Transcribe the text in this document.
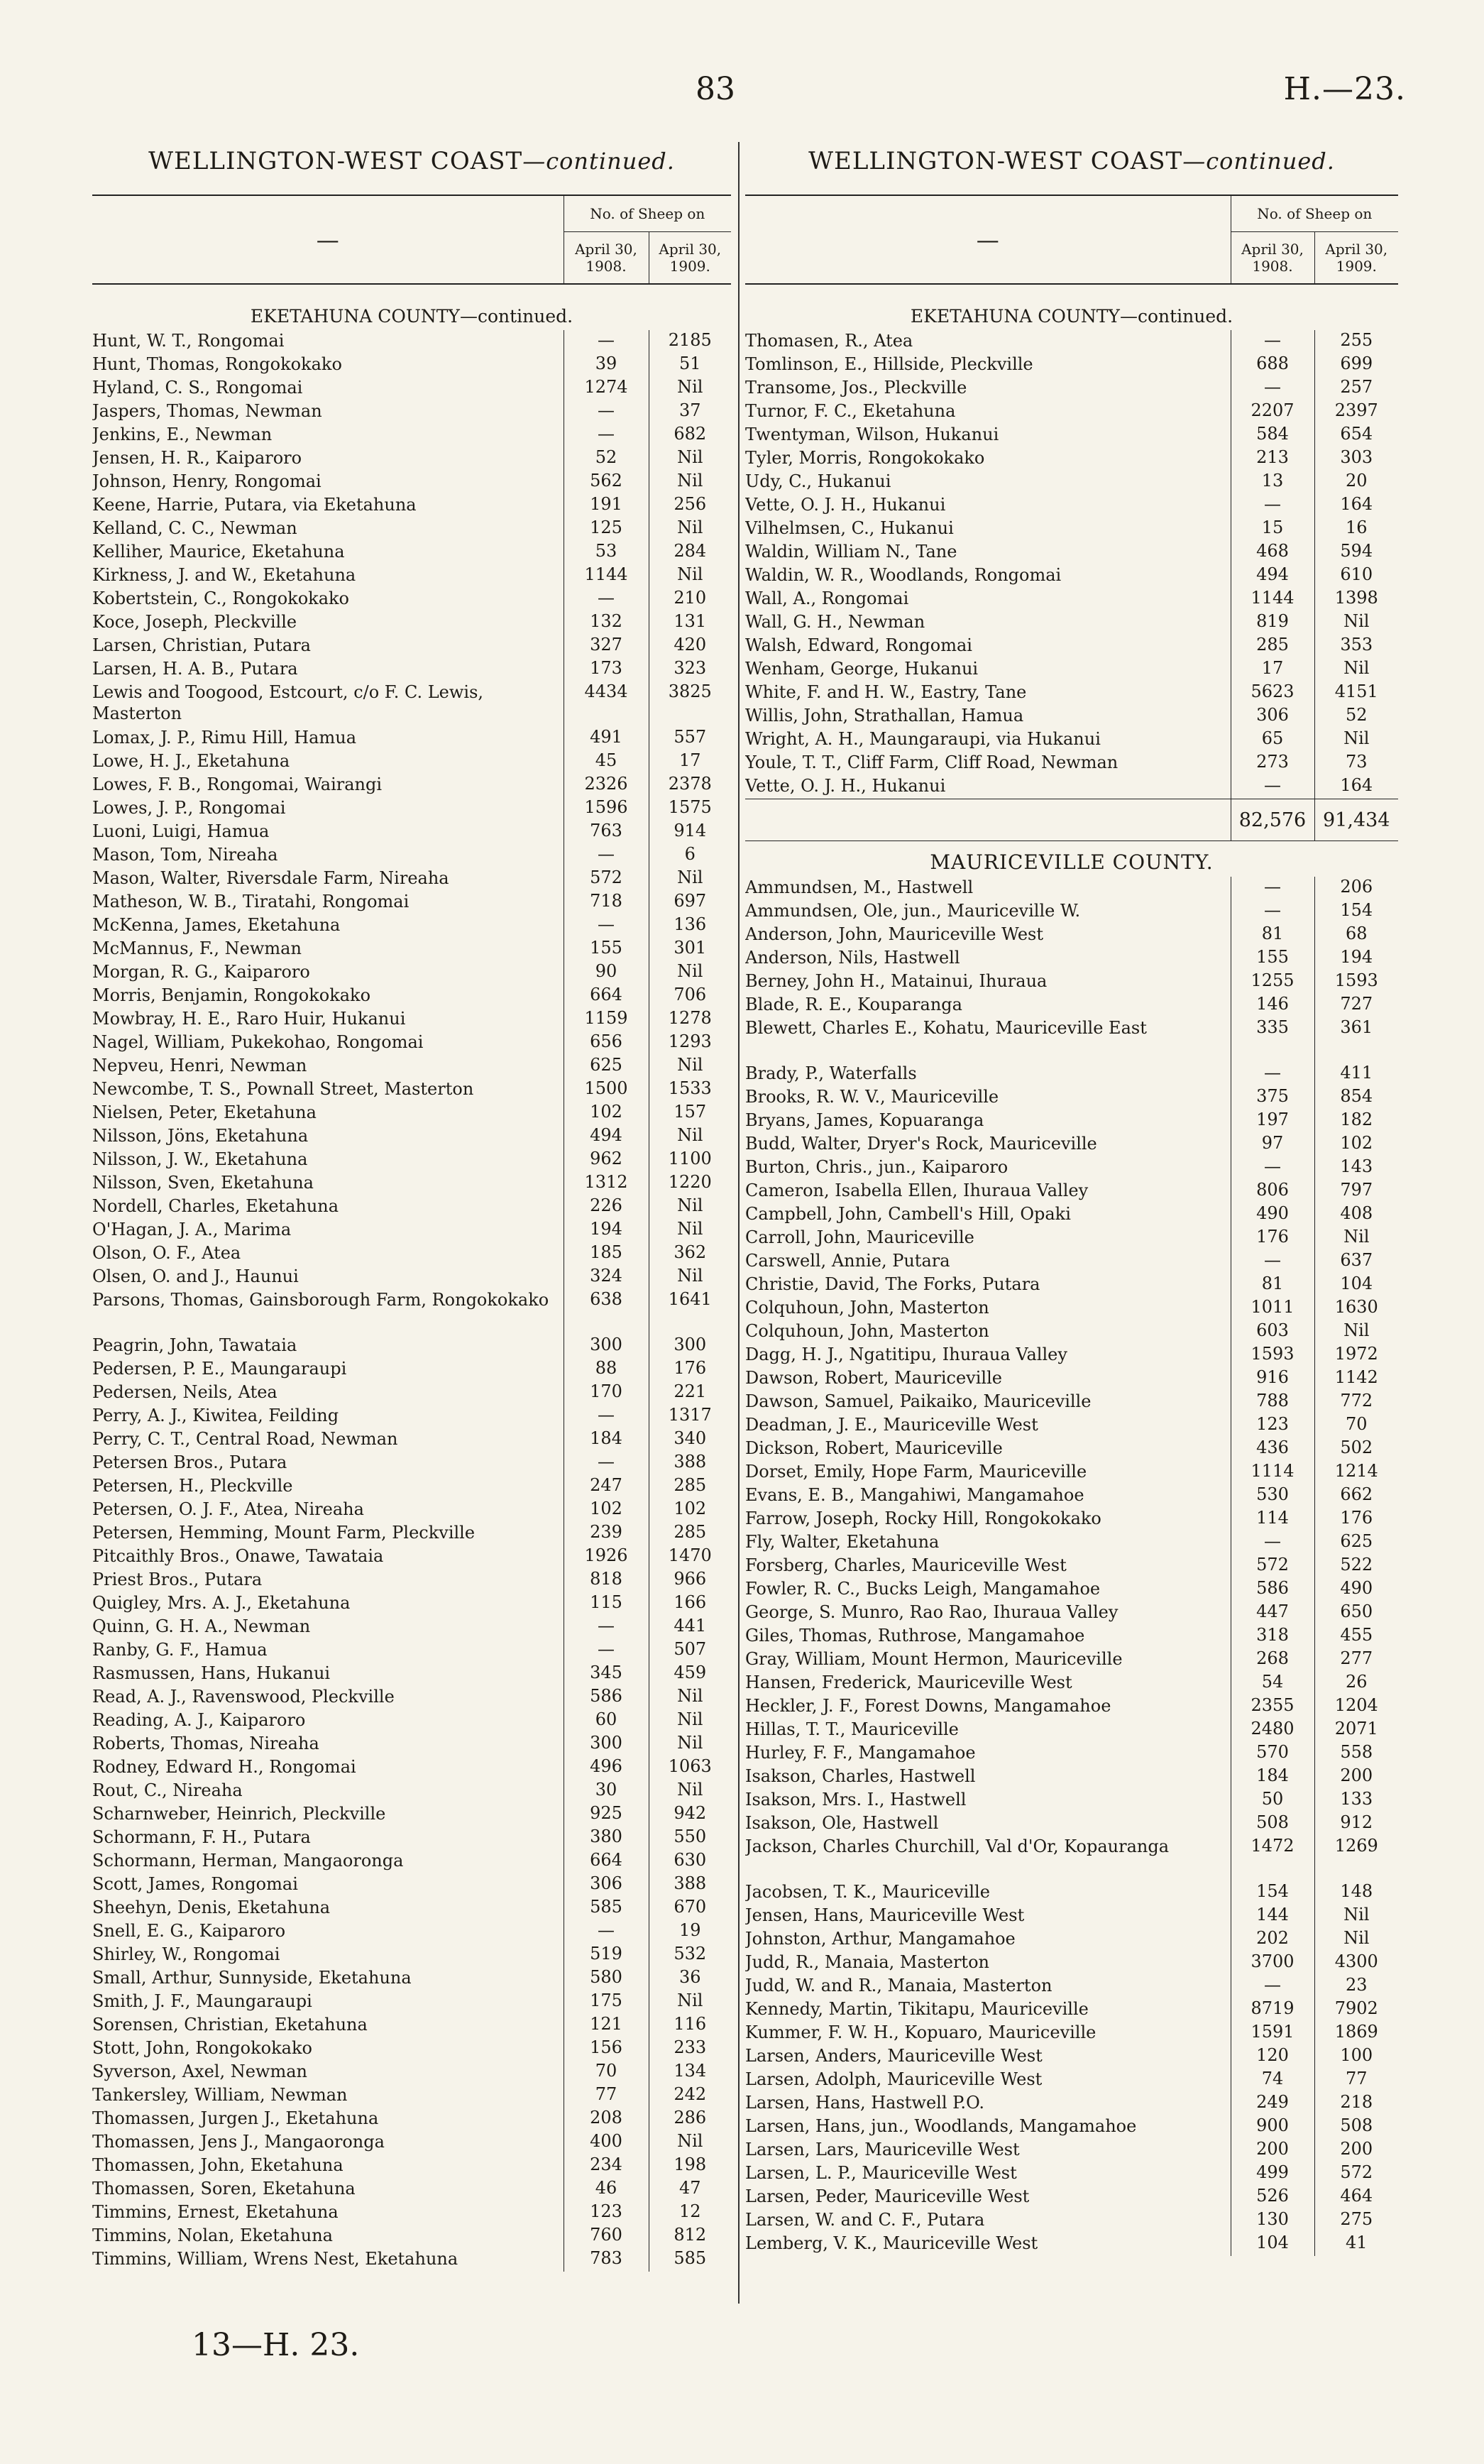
83	H.—23.
WELLINGTON-WEST COAST—continued.
—	No. of Sheep on	
	April 30, 1908.	April 30, 1909.
EKETAHUNA COUNTY—continued.
Hunt, W. T., Rongomai	—	2185
Hunt, Thomas, Rongokokako	39	51
Hyland, C. S., Rongomai	1274	Nil
Jaspers, Thomas, Newman	—	37
Jenkins, E., Newman	—	682
Jensen, H. R., Kaiparoro	52	Nil
Johnson, Henry, Rongomai	562	Nil
Keene, Harrie, Putara, via Eketahuna	191	256
Kelland, C. C., Newman	125	Nil
Kelliher, Maurice, Eketahuna	53	284
Kirkness, J. and W., Eketahuna	1144	Nil
Kobertstein, C., Rongokokako	—	210
Koce, Joseph, Pleckville	132	131
Larsen, Christian, Putara	327	420
Larsen, H. A. B., Putara	173	323
Lewis and Toogood, Estcourt, c/o F. C. Lewis, Masterton	4434	3825
Lomax, J. P., Rimu Hill, Hamua	491	557
Lowe, H. J., Eketahuna	45	17
Lowes, F. B., Rongomai, Wairangi	2326	2378
Lowes, J. P., Rongomai	1596	1575
Luoni, Luigi, Hamua	763	914
Mason, Tom, Nireaha	—	6
Mason, Walter, Riversdale Farm, Nireaha	572	Nil
Matheson, W. B., Tiratahi, Rongomai	718	697
McKenna, James, Eketahuna	—	136
McMannus, F., Newman	155	301
Morgan, R. G., Kaiparoro	90	Nil
Morris, Benjamin, Rongokokako	664	706
Mowbray, H. E., Raro Huir, Hukanui	1159	1278
Nagel, William, Pukekohao, Rongomai	656	1293
Nepveu, Henri, Newman	625	Nil
Newcombe, T. S., Pownall Street, Masterton	1500	1533
Nielsen, Peter, Eketahuna	102	157
Nilsson, Jöns, Eketahuna	494	Nil
Nilsson, J. W., Eketahuna	962	1100
Nilsson, Sven, Eketahuna	1312	1220
Nordell, Charles, Eketahuna	226	Nil
O'Hagan, J. A., Marima	194	Nil
Olson, O. F., Atea	185	362
Olsen, O. and J., Haunui	324	Nil
Parsons, Thomas, Gainsborough Farm, Rongokokako	638	1641
Peagrin, John, Tawataia	300	300
Pedersen, P. E., Maungaraupi	88	176
Pedersen, Neils, Atea	170	221
Perry, A. J., Kiwitea, Feilding	—	1317
Perry, C. T., Central Road, Newman	184	340
Petersen Bros., Putara	—	388
Petersen, H., Pleckville	247	285
Petersen, O. J. F., Atea, Nireaha	102	102
Petersen, Hemming, Mount Farm, Pleckville	239	285
Pitcaithly Bros., Onawe, Tawataia	1926	1470
Priest Bros., Putara	818	966
Quigley, Mrs. A. J., Eketahuna	115	166
Quinn, G. H. A., Newman	—	441
Ranby, G. F., Hamua	—	507
Rasmussen, Hans, Hukanui	345	459
Read, A. J., Ravenswood, Pleckville	586	Nil
Reading, A. J., Kaiparoro	60	Nil
Roberts, Thomas, Nireaha	300	Nil
Rodney, Edward H., Rongomai	496	1063
Rout, C., Nireaha	30	Nil
Scharnweber, Heinrich, Pleckville	925	942
Schormann, F. H., Putara	380	550
Schormann, Herman, Mangaoronga	664	630
Scott, James, Rongomai	306	388
Sheehyn, Denis, Eketahuna	585	670
Snell, E. G., Kaiparoro	—	19
Shirley, W., Rongomai	519	532
Small, Arthur, Sunnyside, Eketahuna	580	36
Smith, J. F., Maungaraupi	175	Nil
Sorensen, Christian, Eketahuna	121	116
Stott, John, Rongokokako	156	233
Syverson, Axel, Newman	70	134
Tankersley, William, Newman	77	242
Thomassen, Jurgen J., Eketahuna	208	286
Thomassen, Jens J., Mangaoronga	400	Nil
Thomassen, John, Eketahuna	234	198
Thomassen, Soren, Eketahuna	46	47
Timmins, Ernest, Eketahuna	123	12
Timmins, Nolan, Eketahuna	760	812
Timmins, William, Wrens Nest, Eketahuna	783	585
WELLINGTON-WEST COAST—continued.
—	No. of Sheep on	
	April 30, 1908.	April 30, 1909.
EKETAHUNA COUNTY—continued.
Thomasen, R., Atea	—	255
Tomlinson, E., Hillside, Pleckville	688	699
Transome, Jos., Pleckville	—	257
Turnor, F. C., Eketahuna	2207	2397
Twentyman, Wilson, Hukanui	584	654
Tyler, Morris, Rongokokako	213	303
Udy, C., Hukanui	13	20
Vette, O. J. H., Hukanui	—	164
Vilhelmsen, C., Hukanui	15	16
Waldin, William N., Tane	468	594
Waldin, W. R., Woodlands, Rongomai	494	610
Wall, A., Rongomai	1144	1398
Wall, G. H., Newman	819	Nil
Walsh, Edward, Rongomai	285	353
Wenham, George, Hukanui	17	Nil
White, F. and H. W., Eastry, Tane	5623	4151
Willis, John, Strathallan, Hamua	306	52
Wright, A. H., Maungaraupi, via Hukanui	65	Nil
Youle, T. T., Cliff Farm, Cliff Road, Newman	273	73
Vette, O. J. H., Hukanui	—	164
	82,576	91,434
MAURICEVILLE COUNTY.
Ammundsen, M., Hastwell	—	206
Ammundsen, Ole, jun., Mauriceville W.	—	154
Anderson, John, Mauriceville West	81	68
Anderson, Nils, Hastwell	155	194
Berney, John H., Matainui, Ihuraua	1255	1593
Blade, R. E., Kouparanga	146	727
Blewett, Charles E., Kohatu, Mauriceville East	335	361
Brady, P., Waterfalls	—	411
Brooks, R. W. V., Mauriceville	375	854
Bryans, James, Kopuaranga	197	182
Budd, Walter, Dryer's Rock, Mauriceville	97	102
Burton, Chris., jun., Kaiparoro	—	143
Cameron, Isabella Ellen, Ihuraua Valley	806	797
Campbell, John, Cambell's Hill, Opaki	490	408
Carroll, John, Mauriceville	176	Nil
Carswell, Annie, Putara	—	637
Christie, David, The Forks, Putara	81	104
Colquhoun, John, Masterton	1011	1630
Colquhoun, John, Masterton	603	Nil
Dagg, H. J., Ngatitipu, Ihuraua Valley	1593	1972
Dawson, Robert, Mauriceville	916	1142
Dawson, Samuel, Paikaiko, Mauriceville	788	772
Deadman, J. E., Mauriceville West	123	70
Dickson, Robert, Mauriceville	436	502
Dorset, Emily, Hope Farm, Mauriceville	1114	1214
Evans, E. B., Mangahiwi, Mangamahoe	530	662
Farrow, Joseph, Rocky Hill, Rongokokako	114	176
Fly, Walter, Eketahuna	—	625
Forsberg, Charles, Mauriceville West	572	522
Fowler, R. C., Bucks Leigh, Mangamahoe	586	490
George, S. Munro, Rao Rao, Ihuraua Valley	447	650
Giles, Thomas, Ruthrose, Mangamahoe	318	455
Gray, William, Mount Hermon, Mauriceville	268	277
Hansen, Frederick, Mauriceville West	54	26
Heckler, J. F., Forest Downs, Mangamahoe	2355	1204
Hillas, T. T., Mauriceville	2480	2071
Hurley, F. F., Mangamahoe	570	558
Isakson, Charles, Hastwell	184	200
Isakson, Mrs. I., Hastwell	50	133
Isakson, Ole, Hastwell	508	912
Jackson, Charles Churchill, Val d'Or, Kopauranga	1472	1269
Jacobsen, T. K., Mauriceville	154	148
Jensen, Hans, Mauriceville West	144	Nil
Johnston, Arthur, Mangamahoe	202	Nil
Judd, R., Manaia, Masterton	3700	4300
Judd, W. and R., Manaia, Masterton	—	23
Kennedy, Martin, Tikitapu, Mauriceville	8719	7902
Kummer, F. W. H., Kopuaro, Mauriceville	1591	1869
Larsen, Anders, Mauriceville West	120	100
Larsen, Adolph, Mauriceville West	74	77
Larsen, Hans, Hastwell P.O.	249	218
Larsen, Hans, jun., Woodlands, Mangamahoe	900	508
Larsen, Lars, Mauriceville West	200	200
Larsen, L. P., Mauriceville West	499	572
Larsen, Peder, Mauriceville West	526	464
Larsen, W. and C. F., Putara	130	275
Lemberg, V. K., Mauriceville West	104	41
13—H. 23.
